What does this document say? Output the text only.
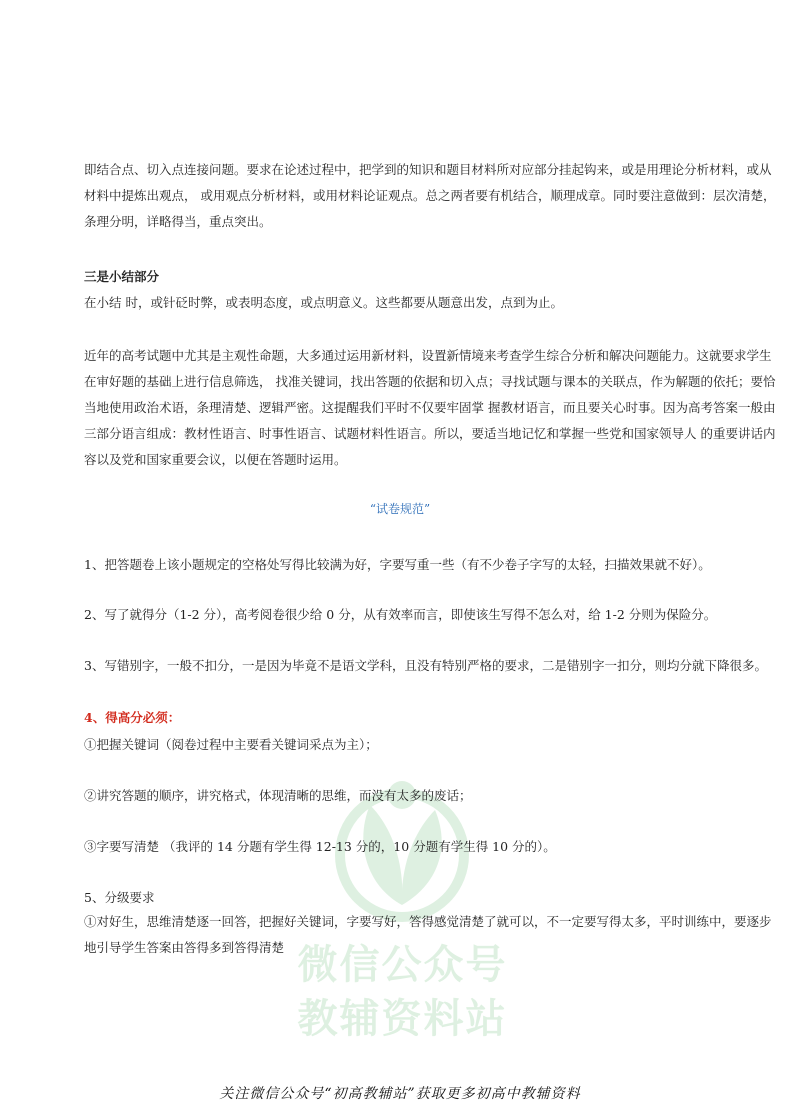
微信公众号
教辅资料站
即结合点、切入点连接问题。要求在论述过程中，把学到的知识和题目材料所对应部分挂起钩来，或是用理论分析材料，或从
材料中提炼出观点， 或用观点分析材料，或用材料论证观点。总之两者要有机结合，顺理成章。同时要注意做到：层次清楚，
条理分明，详略得当，重点突出。
三是小结部分
在小结 时，或针砭时弊，或表明态度，或点明意义。这些都要从题意出发，点到为止。
近年的高考试题中尤其是主观性命题，大多通过运用新材料，设置新情境来考查学生综合分析和解决问题能力。这就要求学生
在审好题的基础上进行信息筛选， 找准关键词，找出答题的依据和切入点；寻找试题与课本的关联点，作为解题的依托；要恰
当地使用政治术语，条理清楚、逻辑严密。这提醒我们平时不仅要牢固掌 握教材语言，而且要关心时事。因为高考答案一般由
三部分语言组成：教材性语言、时事性语言、试题材料性语言。所以，要适当地记忆和掌握一些党和国家领导人 的重要讲话内
容以及党和国家重要会议，以便在答题时运用。
“试卷规范”
1、把答题卷上该小题规定的空格处写得比较满为好，字要写重一些（有不少卷子字写的太轻，扫描效果就不好）。
2、写了就得分（1-2 分），高考阅卷很少给 0 分，从有效率而言，即使该生写得不怎么对，给 1-2 分则为保险分。
3、写错别字，一般不扣分，一是因为毕竟不是语文学科，且没有特别严格的要求，二是错别字一扣分，则均分就下降很多。
4、得高分必须：
①把握关键词（阅卷过程中主要看关键词采点为主）；
②讲究答题的顺序，讲究格式，体现清晰的思维，而没有太多的废话；
③字要写清楚 （我评的 14 分题有学生得 12-13 分的，10 分题有学生得 10 分的）。
5、分级要求
①对好生，思维清楚逐一回答，把握好关键词，字要写好，答得感觉清楚了就可以，不一定要写得太多，平时训练中，要逐步
地引导学生答案由答得多到答得清楚
关注微信公众号“初高教辅站”获取更多初高中教辅资料
